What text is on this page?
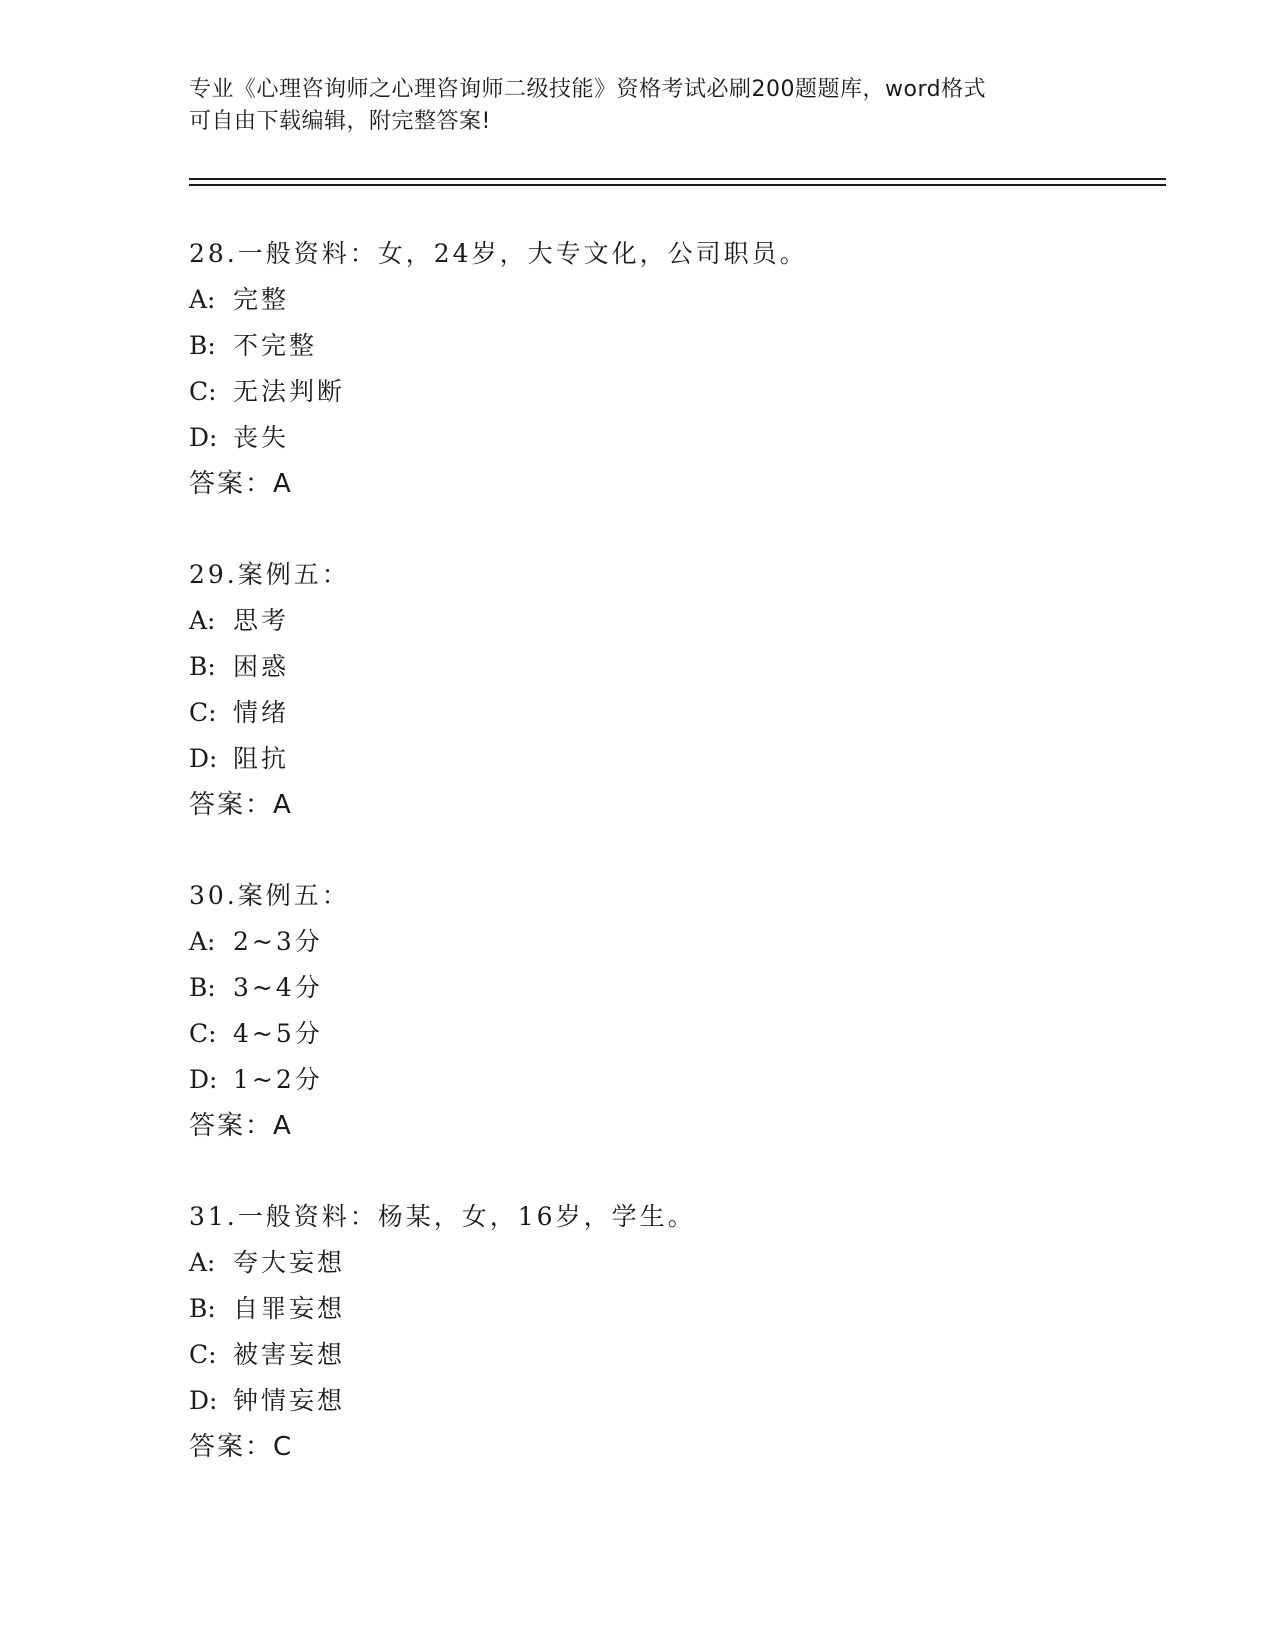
专业《心理咨询师之心理咨询师二级技能》资格考试必刷200题题库，word格式
可自由下载编辑，附完整答案!
28.一般资料：女，24岁，大专文化，公司职员。
A: 完整
B: 不完整
C: 无法判断
D: 丧失
答案：A
29.案例五：
A: 思考
B: 困惑
C: 情绪
D: 阻抗
答案：A
30.案例五：
A: 2~3分
B: 3~4分
C: 4~5分
D: 1~2分
答案：A
31.一般资料：杨某，女，16岁，学生。
A: 夸大妄想
B: 自罪妄想
C: 被害妄想
D: 钟情妄想
答案：C
